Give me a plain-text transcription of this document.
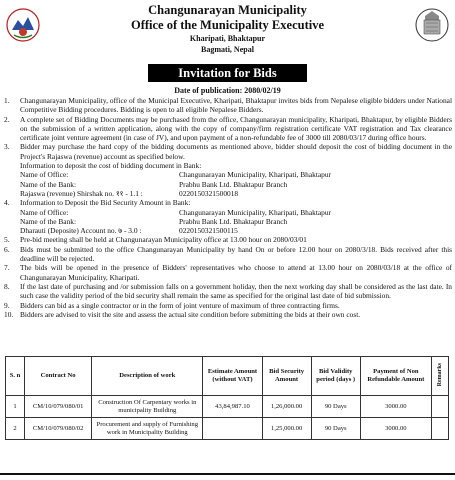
Changunarayan Municipality
Office of the Municipality Executive
Kharipati, Bhaktapur
Bagmati, Nepal
Invitation for Bids
Date of publication: 2080/02/19
1.	Changunarayan Municipality, office of the Municipal Executive, Kharipati, Bhaktapur invites bids from Nepalese eligible bidders under National Competitive Bidding procedures. Bidding is open to all eligible Nepalese Bidders.
2.	A complete set of Bidding Documents may be purchased from the office, Changunarayan municipality, Kharipati, Bhaktapur, by eligible Bidders on the submission of a written application, along with the copy of company/firm registration certificate VAT registration and Tax clearance certificate joint venture agreement (in case of JV), and upon payment of a non-refundable fee of 3000 till 2080/03/17 during office hours.
3.	Bidder may purchase the hard copy of the bidding documents as mentioned above, bidder should deposit the cost of bidding document in the Project's Rajaswa (revenue) account as specified below.
Information to deposit the cost of bidding document in Bank:
Name of Office:	Changunarayan Municipality, Kharipati, Bhaktapur
Name of the Bank:	Prabhu Bank Ltd. Bhaktapur Branch
Rajaswa (revenue) Shirshak no. ११ - 1.1 :	0220150321500018
4.	Information to Deposit the Bid Security Amount in Bank:
Name of Office:	Changunarayan Municipality, Kharipati, Bhaktapur
Name of the Bank:	Prabhu Bank Ltd. Bhaktapur Branch
Dharauti (Deposite) Account no. ७ - 3.0 :	0220150321500115
5.	Pre-bid meeting shall be held at Changunarayan Municipality office at 13.00 hour on 2080/03/01
6.	Bids must be submitted to the office Changunarayan Municipality by hand On or before 12.00 hour on 2080/3/18. Bids received after this deadline will be rejected.
7.	The bids will be opened in the presence of Bidders' representatives who choose to attend at 13.00 hour on 2080/03/18 at the office of Changunarayan Municipality, Kharipati.
8.	If the last date of purchasing and /or submission falls on a government holiday, then the next working day shall be considered as the last date. In such case the validity period of the bid security shall remain the same as specified for the original last date of bid submission.
9.	Bidders can bid as a single contractor or in the form of joint venture of maximum of three contracting firms.
10. Bidders are advised to visit the site and assess the actual site condition before submitting the bids at their own cost.
S. n	Contract No	Description of work	Estimate Amount (without VAT)	Bid Security Amount	Bid Validity period (days )	Payment of Non Refundable Amount	Remarks
1	CM/10/079/080/01	Construction Of Carpentary works in municipality Building	43,84,987.10	1,26,000.00	90 Days	3000.00	
2	CM/10/079/080/02	Procurement and supply of Furnishing work in Municipality Building		1,25,000.00	90 Days	3000.00	
